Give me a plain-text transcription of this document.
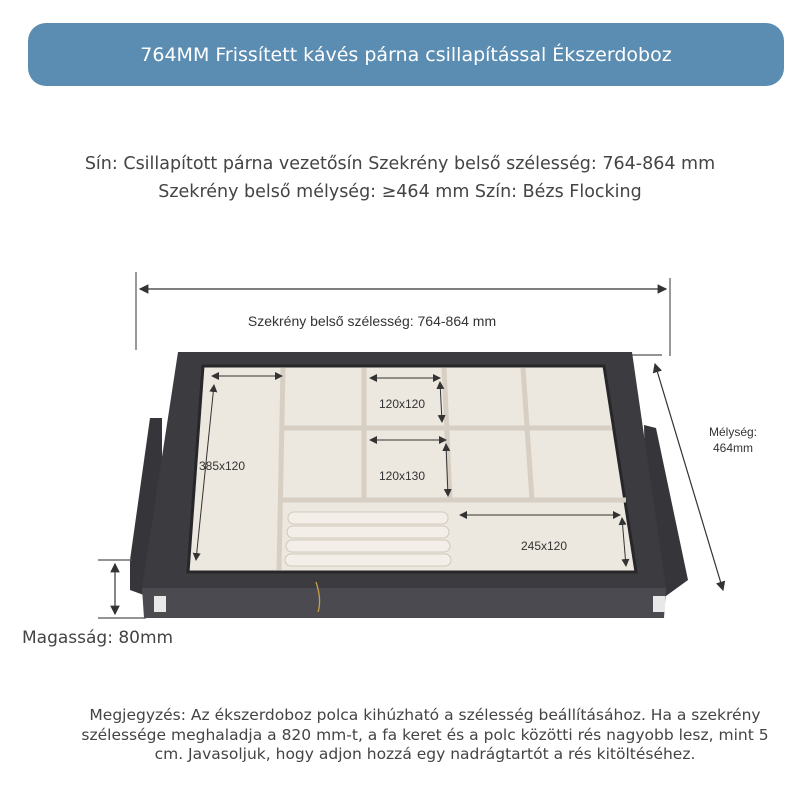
764MM Frissített kávés párna csillapítással Ékszerdoboz
Sín: Csillapított párna vezetősín Szekrény belső szélesség: 764-864 mm Szekrény belső mélység: ≥464 mm Szín: Bézs Flocking
Szekrény belső szélesség: 764-864 mm
Mélység:
464mm
385x120
120x120
120x130
245x120
Magasság: 80mm
Megjegyzés: Az ékszerdoboz polca kihúzható a szélesség beállításához. Ha a szekrény szélessége meghaladja a 820 mm-t, a fa keret és a polc közötti rés nagyobb lesz, mint 5 cm. Javasoljuk, hogy adjon hozzá egy nadrágtartót a rés kitöltéséhez.
